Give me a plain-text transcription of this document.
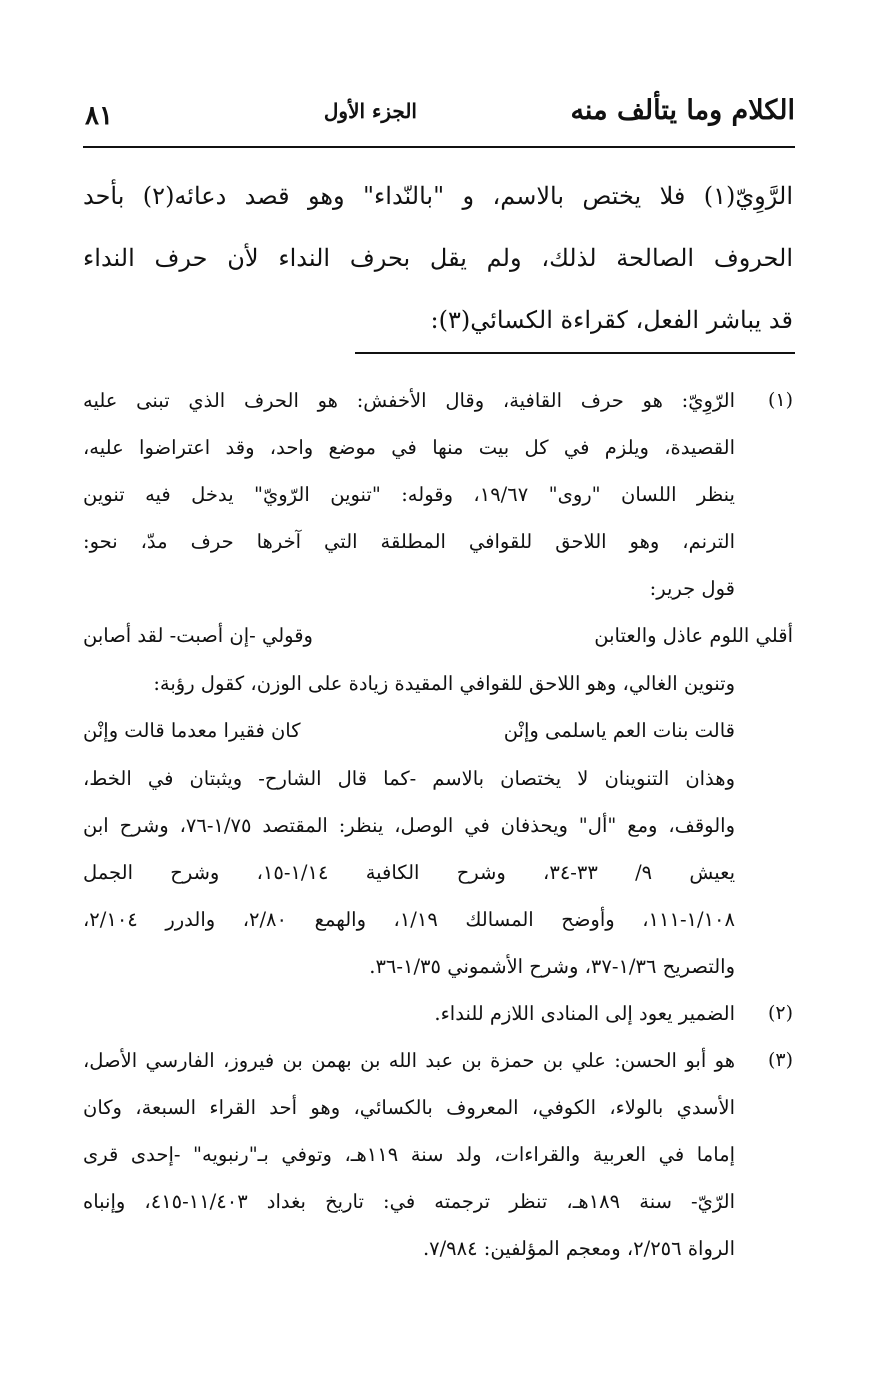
الكلام وما يتألف منه
الجزء الأول
٨١
الرَّوِيّ(١) فلا يختص بالاسم، و "بالنّداء" وهو قصد دعائه(٢) بأحد
الحروف الصالحة لذلك، ولم يقل بحرف النداء لأن حرف النداء
قد يباشر الفعل، كقراءة الكسائي(٣):
(١)
الرّوِيّ: هو حرف القافية، وقال الأخفش: هو الحرف الذي تبنى عليه
القصيدة، ويلزم في كل بيت منها في موضع واحد، وقد اعتراضوا عليه،
ينظر اللسان "روى" ١٩/٦٧، وقوله: "تنوين الرّويّ" يدخل فيه تنوين
الترنم، وهو اللاحق للقوافي المطلقة التي آخرها حرف مدّ، نحو:
قول جرير:
أقلي اللوم عاذل والعتابن
وقولي -إن أصبت- لقد أصابن
وتنوين الغالي، وهو اللاحق للقوافي المقيدة زيادة على الوزن، كقول رؤبة:
قالت بنات العم ياسلمى وإنْن
كان فقيرا معدما قالت وإنْن
وهذان التنوينان لا يختصان بالاسم -كما قال الشارح- ويثبتان في الخط،
والوقف، ومع "أل" ويحذفان في الوصل، ينظر: المقتصد ١/٧٥-٧٦، وشرح ابن
يعيش ٩/ ٣٣-٣٤، وشرح الكافية ١/١٤-١٥، وشرح الجمل
١/١٠٨-١١١، وأوضح المسالك ١/١٩، والهمع ٢/٨٠، والدرر ٢/١٠٤،
والتصريح ١/٣٦-٣٧، وشرح الأشموني ١/٣٥-٣٦.
(٢)
الضمير يعود إلى المنادى اللازم للنداء.
(٣)
هو أبو الحسن: علي بن حمزة بن عبد الله بن بهمن بن فيروز، الفارسي الأصل،
الأسدي بالولاء، الكوفي، المعروف بالكسائي، وهو أحد القراء السبعة، وكان
إماما في العربية والقراءات، ولد سنة ١١٩هـ، وتوفي بـ"رنبويه" -إحدى قرى
الرّيّ- سنة ١٨٩هـ، تنظر ترجمته في: تاريخ بغداد ١١/٤٠٣-٤١٥، وإنباه
الرواة ٢/٢٥٦، ومعجم المؤلفين: ٧/٩٨٤.
